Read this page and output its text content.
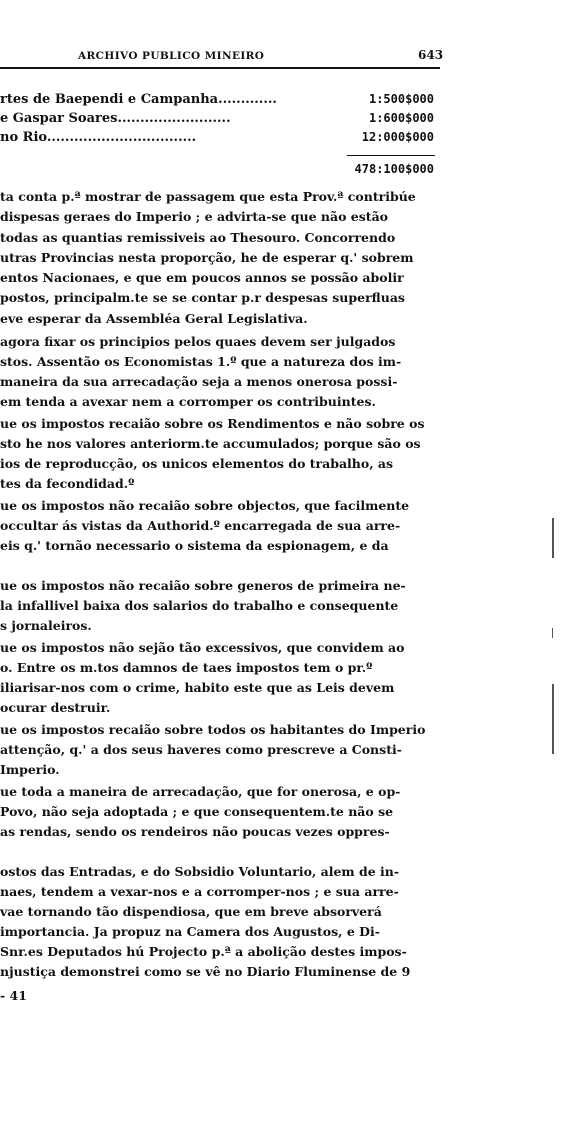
ARCHIVO PUBLICO MINEIRO	643
rtes de Baependi e Campanha.............	1:500$000
e Gaspar Soares.........................	1:600$000
no Rio.................................	12:000$000
478:100$000
ta conta p.ª mostrar de passagem que esta Prov.ª contribúe
dispesas geraes do Imperio ; e advirta-se que não estão
todas as quantias remissiveis ao Thesouro. Concorrendo
utras Provincias nesta proporção, he de esperar q.' sobrem
entos Nacionaes, e que em poucos annos se possão abolir
postos, principalm.te se se contar p.r despesas superfluas
eve esperar da Assembléa Geral Legislativa.
agora fixar os principios pelos quaes devem ser julgados
stos. Assentão os Economistas 1.º que a natureza dos im-
maneira da sua arrecadação seja a menos onerosa possi-
em tenda a avexar nem a corromper os contribuintes.
ue os impostos recaião sobre os Rendimentos e não sobre os
sto he nos valores anteriorm.te accumulados; porque são os
ios de reproducção, os unicos elementos do trabalho, as
tes da fecondidad.º
ue os impostos não recaião sobre objectos, que facilmente
occultar ás vistas da Authorid.º encarregada de sua arre-
eis q.' tornão necessario o sistema da espionagem, e da
ue os impostos não recaião sobre generos de primeira ne-
la infallivel baixa dos salarios do trabalho e consequente
s jornaleiros.
ue os impostos não sejão tão excessivos, que convidem ao
o. Entre os m.tos damnos de taes impostos tem o pr.º
iliarisar-nos com o crime, habito este que as Leis devem
ocurar destruir.
ue os impostos recaião sobre todos os habitantes do Imperio
attenção, q.' a dos seus haveres como prescreve a Consti-
Imperio.
ue toda a maneira de arrecadação, que for onerosa, e op-
Povo, não seja adoptada ; e que consequentem.te não se
as rendas, sendo os rendeiros não poucas vezes oppres-
ostos das Entradas, e do Sobsidio Voluntario, alem de in-
naes, tendem a vexar-nos e a corromper-nos ; e sua arre-
vae tornando tão dispendiosa, que em breve absorverá
importancia. Ja propuz na Camera dos Augustos, e Di-
Snr.es Deputados hú Projecto p.ª a abolição destes impos-
njustiça demonstrei como se vê no Diario Fluminense de 9
- 41
